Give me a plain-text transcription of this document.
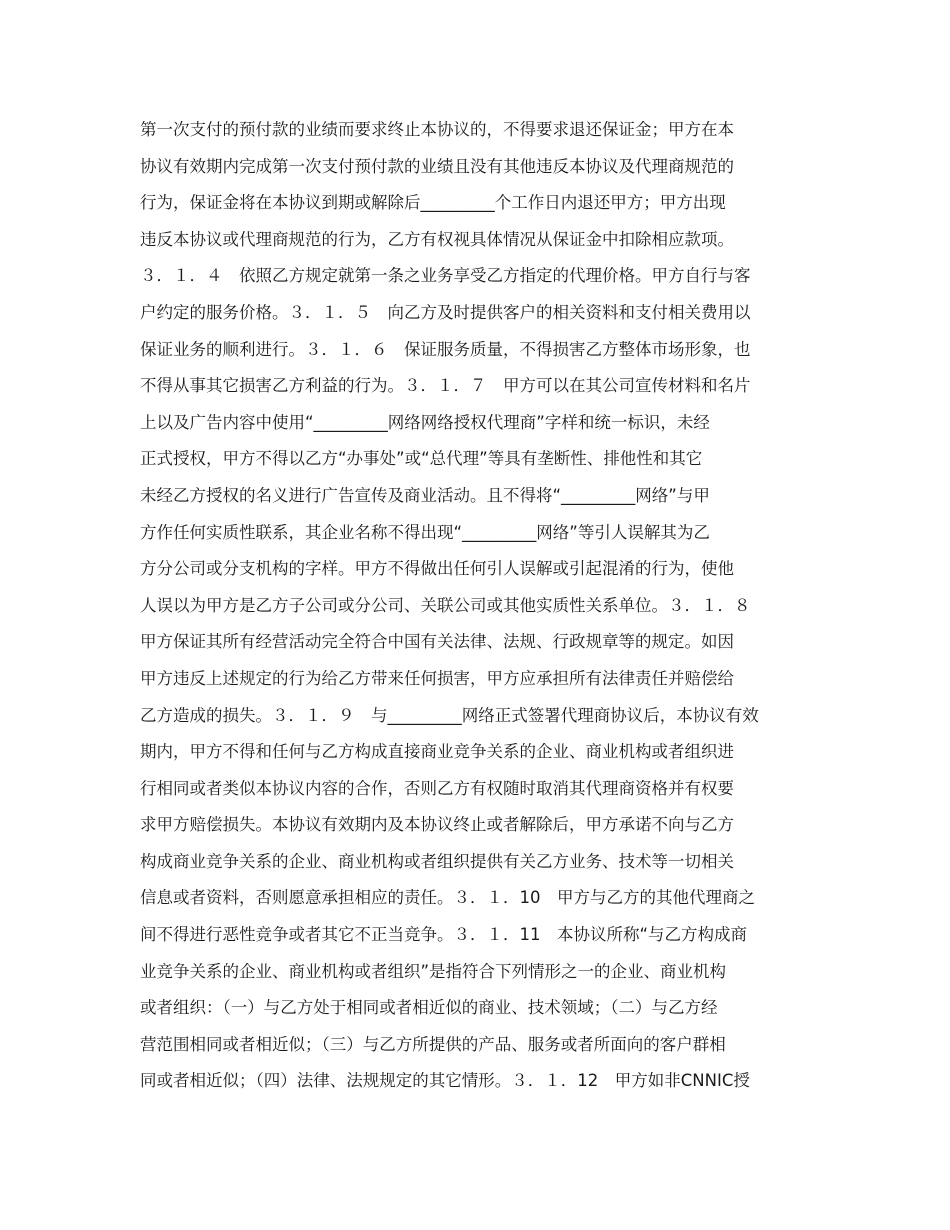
第一次支付的预付款的业绩而要求终止本协议的，不得要求退还保证金；甲方在本
协议有效期内完成第一次支付预付款的业绩且没有其他违反本协议及代理商规范的
行为，保证金将在本协议到期或解除后_________个工作日内退还甲方；甲方出现
违反本协议或代理商规范的行为，乙方有权视具体情况从保证金中扣除相应款项。
３．１．４　依照乙方规定就第一条之业务享受乙方指定的代理价格。甲方自行与客
户约定的服务价格。３．１．５　向乙方及时提供客户的相关资料和支付相关费用以
保证业务的顺利进行。３．１．６　保证服务质量，不得损害乙方整体市场形象，也
不得从事其它损害乙方利益的行为。３．１．７　甲方可以在其公司宣传材料和名片
上以及广告内容中使用“_________网络网络授权代理商”字样和统一标识，未经
正式授权，甲方不得以乙方“办事处”或“总代理”等具有垄断性、排他性和其它
未经乙方授权的名义进行广告宣传及商业活动。且不得将“_________网络”与甲
方作任何实质性联系，其企业名称不得出现“_________网络”等引人误解其为乙
方分公司或分支机构的字样。甲方不得做出任何引人误解或引起混淆的行为，使他
人误以为甲方是乙方子公司或分公司、关联公司或其他实质性关系单位。３．１．８
甲方保证其所有经营活动完全符合中国有关法律、法规、行政规章等的规定。如因
甲方违反上述规定的行为给乙方带来任何损害，甲方应承担所有法律责任并赔偿给
乙方造成的损失。３．１．９　与_________网络正式签署代理商协议后，本协议有效
期内，甲方不得和任何与乙方构成直接商业竞争关系的企业、商业机构或者组织进
行相同或者类似本协议内容的合作，否则乙方有权随时取消其代理商资格并有权要
求甲方赔偿损失。本协议有效期内及本协议终止或者解除后，甲方承诺不向与乙方
构成商业竞争关系的企业、商业机构或者组织提供有关乙方业务、技术等一切相关
信息或者资料，否则愿意承担相应的责任。３．１．10　甲方与乙方的其他代理商之
间不得进行恶性竞争或者其它不正当竞争。３．１．11　本协议所称“与乙方构成商
业竞争关系的企业、商业机构或者组织”是指符合下列情形之一的企业、商业机构
或者组织：（一）与乙方处于相同或者相近似的商业、技术领域；（二）与乙方经
营范围相同或者相近似；（三）与乙方所提供的产品、服务或者所面向的客户群相
同或者相近似；（四）法律、法规规定的其它情形。３．１．12　甲方如非CNNIC授
